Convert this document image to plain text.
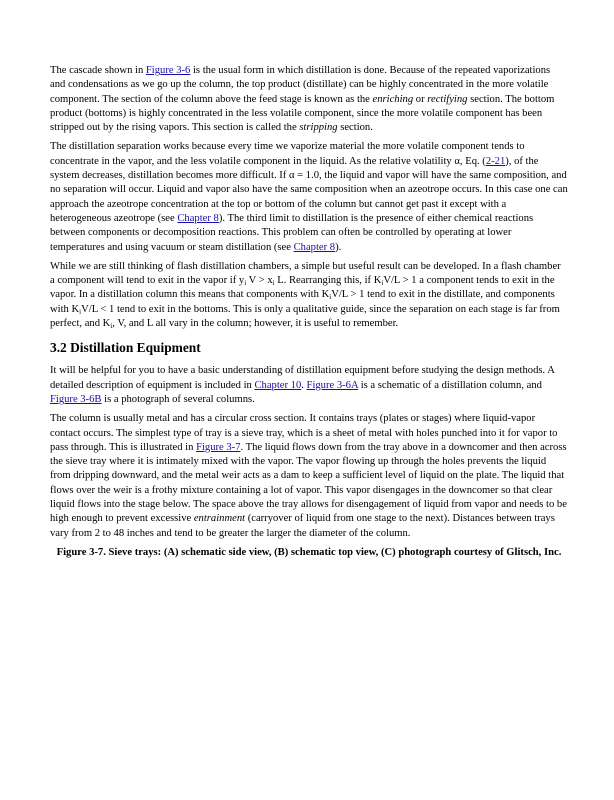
The cascade shown in Figure 3-6 is the usual form in which distillation is done. Because of the repeated vaporizations and condensations as we go up the column, the top product (distillate) can be highly concentrated in the more volatile component. The section of the column above the feed stage is known as the enriching or rectifying section. The bottom product (bottoms) is highly concentrated in the less volatile component, since the more volatile component has been stripped out by the rising vapors. This section is called the stripping section.

The distillation separation works because every time we vaporize material the more volatile component tends to concentrate in the vapor, and the less volatile component in the liquid. As the relative volatility α, Eq. (2-21), of the system decreases, distillation becomes more difficult. If α = 1.0, the liquid and vapor will have the same composition, and no separation will occur. Liquid and vapor also have the same composition when an azeotrope occurs. In this case one can approach the azeotrope concentration at the top or bottom of the column but cannot get past it except with a heterogeneous azeotrope (see Chapter 8). The third limit to distillation is the presence of either chemical reactions between components or decomposition reactions. This problem can often be controlled by operating at lower temperatures and using vacuum or steam distillation (see Chapter 8).

While we are still thinking of flash distillation chambers, a simple but useful result can be developed. In a flash chamber a component will tend to exit in the vapor if $y_i$ $V > x_i$ L. Rearranging this, if $K_iV/L > 1$ a component tends to exit in the vapor. In a distillation column this means that components with $K_iV/L > 1$ tend to exit in the distillate, and components with $K_iV/L < 1$ tend to exit in the bottoms. This is only a qualitative guide, since the separation on each stage is far from perfect, and $K_i$, V, and L all vary in the column; however, it is useful to remember.

3.2 Distillation Equipment

It will be helpful for you to have a basic understanding of distillation equipment before studying the design methods. A detailed description of equipment is included in Chapter 10. Figure 3-6A is a schematic of a distillation column, and Figure 3-6B is a photograph of several columns.

The column is usually metal and has a circular cross section. It contains trays (plates or stages) where liquid-vapor contact occurs. The simplest type of tray is a sieve tray, which is a sheet of metal with holes punched into it for vapor to pass through. This is illustrated in Figure 3-7. The liquid flows down from the tray above in a downcomer and then across the sieve tray where it is intimately mixed with the vapor. The vapor flowing up through the holes prevents the liquid from dripping downward, and the metal weir acts as a dam to keep a sufficient level of liquid on the plate. The liquid that flows over the weir is a frothy mixture containing a lot of vapor. This vapor disengages in the downcomer so that clear liquid flows into the stage below. The space above the tray allows for disengagement of liquid from vapor and needs to be high enough to prevent excessive entrainment (carryover of liquid from one stage to the next). Distances between trays vary from 2 to 48 inches and tend to be greater the larger the diameter of the column.

Figure 3-7. Sieve trays: (A) schematic side view, (B) schematic top view, (C) photograph courtesy of Glitsch, Inc.
